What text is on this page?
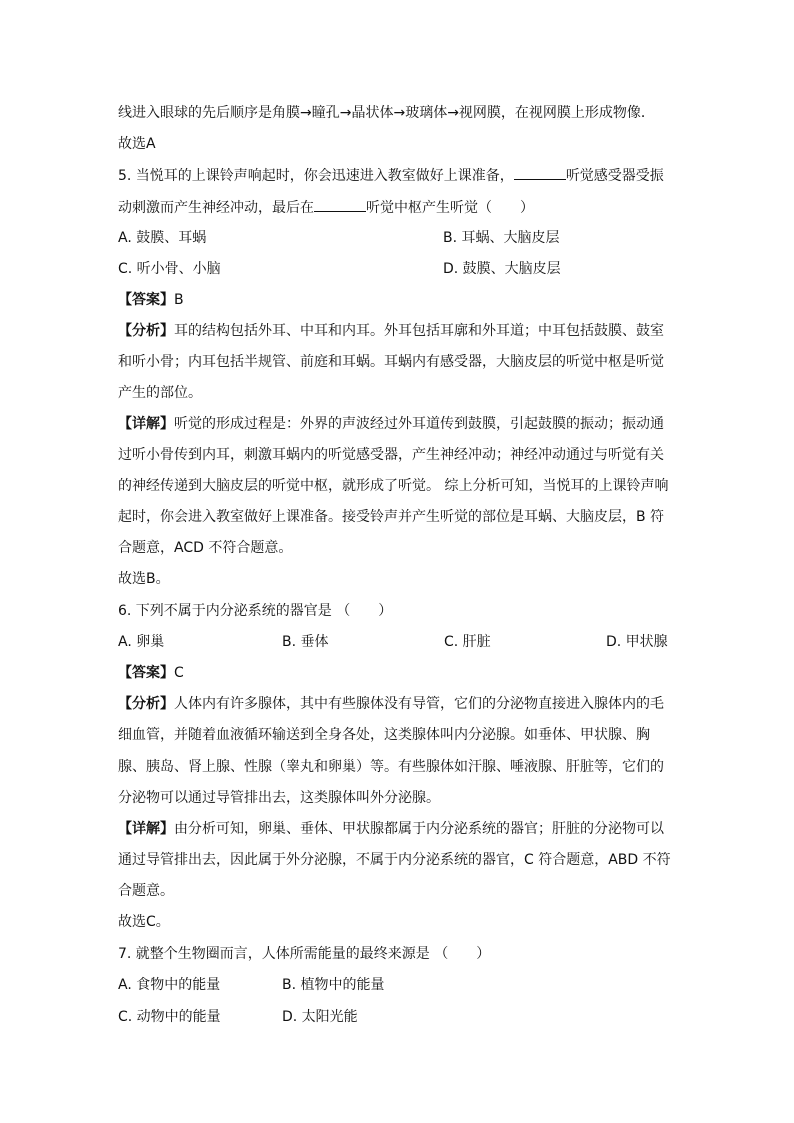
线进入眼球的先后顺序是角膜→瞳孔→晶状体→玻璃体→视网膜，在视网膜上形成物像．
故选A
5. 当悦耳的上课铃声响起时，你会迅速进入教室做好上课准备，	听觉感受器受振
动刺激而产生神经冲动，最后在	听觉中枢产生听觉（　　）
A. 鼓膜、耳蜗	B. 耳蜗、大脑皮层
C. 听小骨、小脑	D. 鼓膜、大脑皮层
【答案】B
【分析】耳的结构包括外耳、中耳和内耳。外耳包括耳廓和外耳道；中耳包括鼓膜、鼓室
和听小骨；内耳包括半规管、前庭和耳蜗。耳蜗内有感受器，大脑皮层的听觉中枢是听觉
产生的部位。
【详解】听觉的形成过程是：外界的声波经过外耳道传到鼓膜，引起鼓膜的振动；振动通
过听小骨传到内耳，刺激耳蜗内的听觉感受器，产生神经冲动；神经冲动通过与听觉有关
的神经传递到大脑皮层的听觉中枢，就形成了听觉。 综上分析可知，当悦耳的上课铃声响
起时，你会进入教室做好上课准备。接受铃声并产生听觉的部位是耳蜗、大脑皮层，B 符
合题意，ACD 不符合题意。
故选B。
6. 下列不属于内分泌系统的器官是 （　　）
A. 卵巢	B. 垂体	C. 肝脏	D. 甲状腺
【答案】C
【分析】人体内有许多腺体，其中有些腺体没有导管，它们的分泌物直接进入腺体内的毛
细血管，并随着血液循环输送到全身各处，这类腺体叫内分泌腺。如垂体、甲状腺、胸
腺、胰岛、肾上腺、性腺（睾丸和卵巢）等。有些腺体如汗腺、唾液腺、肝脏等，它们的
分泌物可以通过导管排出去，这类腺体叫外分泌腺。
【详解】由分析可知，卵巢、垂体、甲状腺都属于内分泌系统的器官；肝脏的分泌物可以
通过导管排出去，因此属于外分泌腺，不属于内分泌系统的器官，C 符合题意，ABD 不符
合题意。
故选C。
7. 就整个生物圈而言，人体所需能量的最终来源是 （　　）
A. 食物中的能量	B. 植物中的能量
C. 动物中的能量	D. 太阳光能
